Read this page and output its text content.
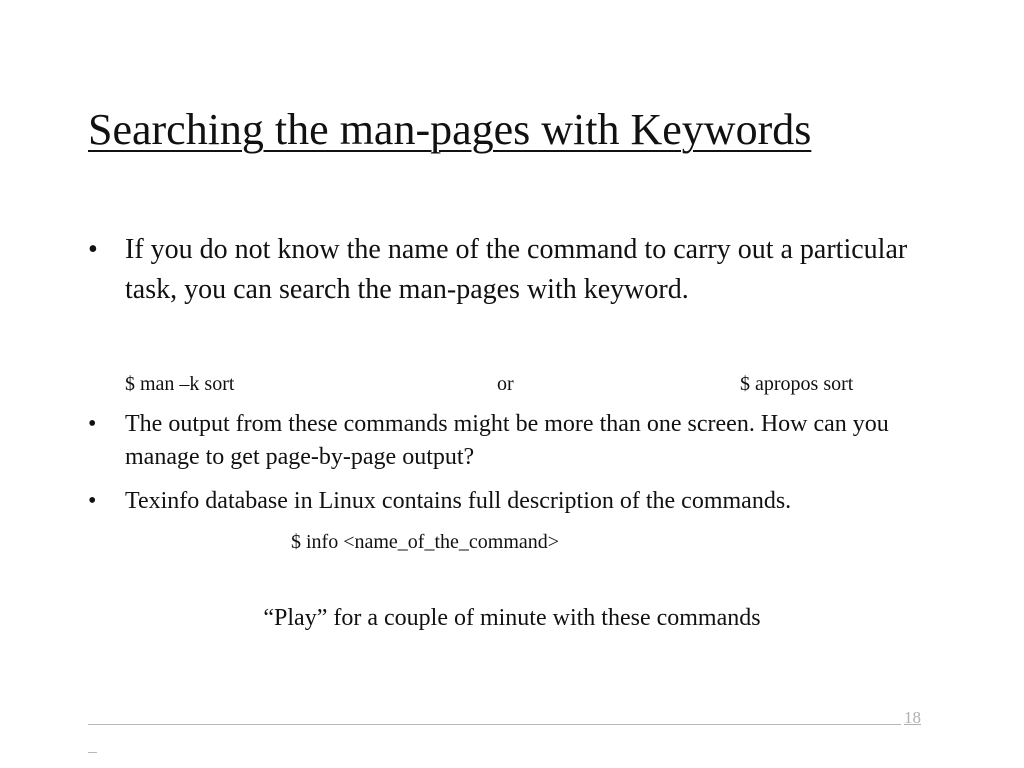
Searching the man-pages with Keywords
• If you do not know the name of the command to carry out a particular task, you can search the man-pages with keyword.
$ man –k sort	or	$ apropos sort
• The output from these commands might be more than one screen. How can you manage to get page-by-page output?
• Texinfo database in Linux contains full description of the commands.
$ info <name_of_the_command>
“Play” for a couple of minute with these commands
18
